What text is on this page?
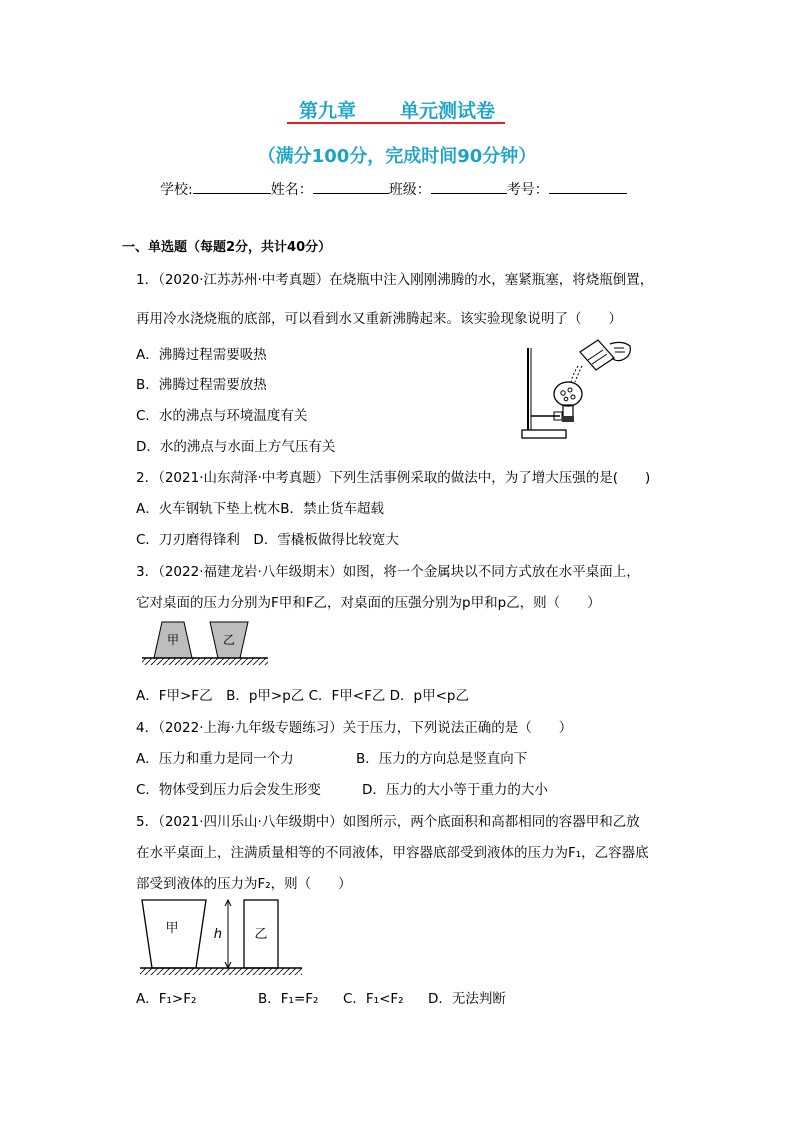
第九章 单元测试卷
（满分100分，完成时间90分钟）
学校:	姓名：	班级：	考号：
一、单选题（每题2分，共计40分）
1．（2020·江苏苏州·中考真题）在烧瓶中注入刚刚沸腾的水，塞紧瓶塞，将烧瓶倒置，
再用冷水浇烧瓶的底部，可以看到水又重新沸腾起来。该实验现象说明了（　　）
A．沸腾过程需要吸热
B．沸腾过程需要放热
C．水的沸点与环境温度有关
D．水的沸点与水面上方气压有关
2．（2021·山东菏泽·中考真题）下列生活事例采取的做法中，为了增大压强的是(　　)
A．火车钢轨下垫上枕木B．禁止货车超载
C．刀刃磨得锋利　D．雪橇板做得比较宽大
3．（2022·福建龙岩·八年级期末）如图，将一个金属块以不同方式放在水平桌面上，
它对桌面的压力分别为F甲和F乙，对桌面的压强分别为p甲和p乙，则（　　）
甲	乙
A．F甲>F乙　B．p甲>p乙 C．F甲<F乙 D．p甲<p乙
4．（2022·上海·九年级专题练习）关于压力，下列说法正确的是（　　）
A．压力和重力是同一个力	B．压力的方向总是竖直向下
C．物体受到压力后会发生形变	D．压力的大小等于重力的大小
5．（2021·四川乐山·八年级期中）如图所示，两个底面积和高都相同的容器甲和乙放
在水平桌面上，注满质量相等的不同液体，甲容器底部受到液体的压力为F₁，乙容器底
部受到液体的压力为F₂，则（　　）
h
甲	乙
A．F₁>F₂	B．F₁=F₂ C．F₁<F₂ D．无法判断
